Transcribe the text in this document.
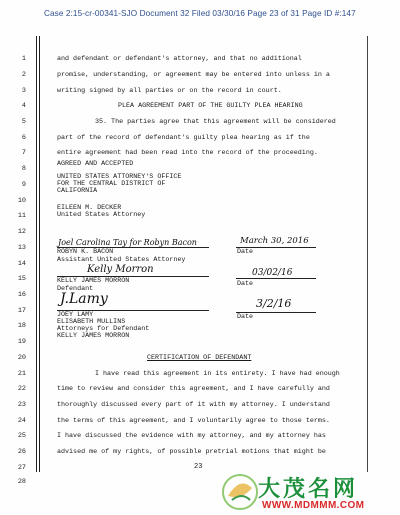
Case 2:15-cr-00341-SJO Document 32 Filed 03/30/16 Page 23 of 31 Page ID #:147
1
2
3
4
5
6
7
8
9
10
11
12
13
14
15
16
17
18
19
20
21
22
23
24
25
26
27
28
and defendant or defendant's attorney, and that no additional
promise, understanding, or agreement may be entered into unless in a
writing signed by all parties or on the record in court.
PLEA AGREEMENT PART OF THE GUILTY PLEA HEARING
35. The parties agree that this agreement will be considered
part of the record of defendant's guilty plea hearing as if the
entire agreement had been read into the record of the proceeding.
AGREED AND ACCEPTED
UNITED STATES ATTORNEY'S OFFICE
FOR THE CENTRAL DISTRICT OF
CALIFORNIA
EILEEN M. DECKER
United States Attorney
Joel Carolina Tay for Robyn Bacon	March 30, 2016
ROBYN K. BACON	Date
Assistant United States Attorney
Kelly Morron	03/02/16
KELLY JAMES MORRON	Date
Defendant
J.Lamy	3/2/16
JOEY LAMY	Date
ELISABETH MULLINS
Attorneys for Defendant
KELLY JAMES MORRON
CERTIFICATION OF DEFENDANT
I have read this agreement in its entirety. I have had enough
time to review and consider this agreement, and I have carefully and
thoroughly discussed every part of it with my attorney. I understand
the terms of this agreement, and I voluntarily agree to those terms.
I have discussed the evidence with my attorney, and my attorney has
advised me of my rights, of possible pretrial motions that might be
23
大茂名网
WWW.MDMMM.COM
